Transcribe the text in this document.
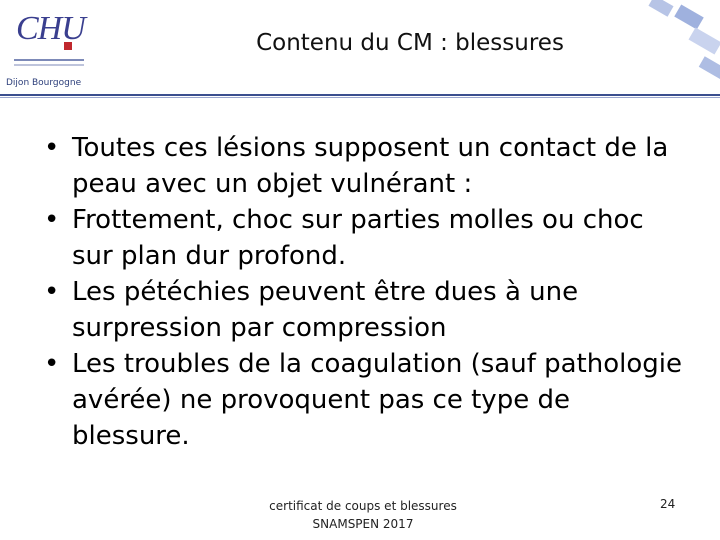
CHU
Dijon Bourgogne
Contenu du CM : blessures
• Toutes ces lésions supposent un contact de la peau avec un objet vulnérant :
• Frottement, choc sur parties molles ou choc sur plan dur profond.
• Les pétéchies peuvent être dues à une surpression par compression
• Les troubles de la coagulation (sauf pathologie avérée) ne provoquent pas ce type de blessure.
certificat de coups et blessures
SNAMSPEN 2017
24
